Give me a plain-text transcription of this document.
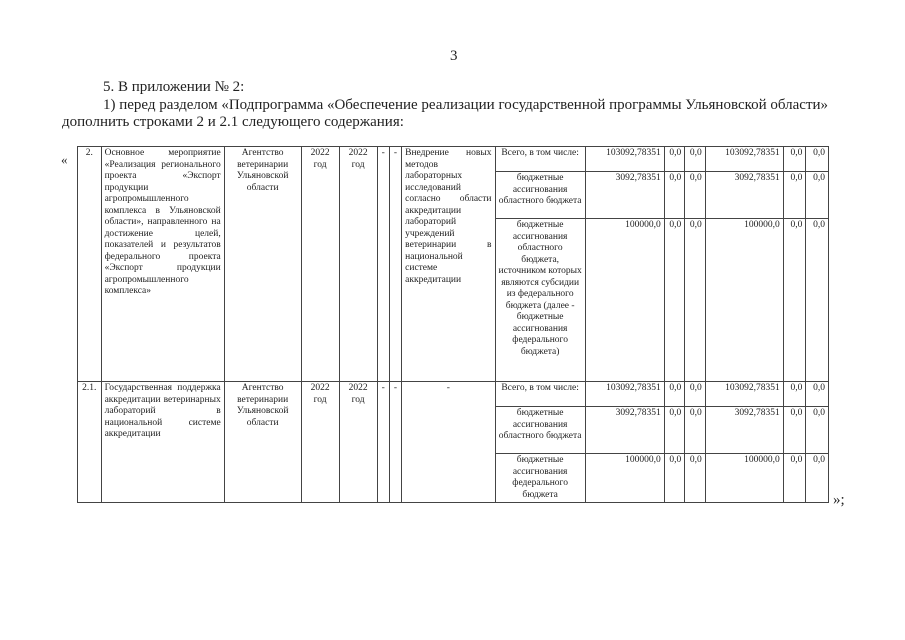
3
5. В приложении № 2:
1) перед разделом «Подпрограмма «Обеспечение реализации государственной программы Ульяновской области»
дополнить строками 2 и 2.1 следующего содержания:
« 2.	Основное мероприятие «Реализация регионального проекта «Экспорт продукции агропромышленного комплекса в Ульяновской области», направленного на достижение целей, показателей и результатов федерального проекта «Экспорт продукции агропромышленного комплекса»	Агентство ветеринарии Ульяновской области	2022 год	2022 год	-	-	Внедрение новых методов лабораторных исследований согласно области аккредитации лабораторий учреждений ветеринарии в национальной системе аккредитации	Всего, в том числе:	103092,78351	0,0	0,0	103092,78351	0,0	0,0
								бюджетные ассигнования областного бюджета	3092,78351	0,0	0,0	3092,78351	0,0	0,0
								бюджетные ассигнования областного бюджета, источником которых являются субсидии из федерального бюджета (далее - бюджетные ассигнования федерального бюджета)	100000,0	0,0	0,0	100000,0	0,0	0,0
2.1.	Государственная поддержка аккредитации ветеринарных лабораторий в национальной системе аккредитации	Агентство ветеринарии Ульяновской области	2022 год	2022 год	-	-	-	Всего, в том числе:	103092,78351	0,0	0,0	103092,78351	0,0	0,0
								бюджетные ассигнования областного бюджета	3092,78351	0,0	0,0	3092,78351	0,0	0,0
								бюджетные ассигнования федерального бюджета	100000,0	0,0	0,0	100000,0	0,0	0,0
»;
